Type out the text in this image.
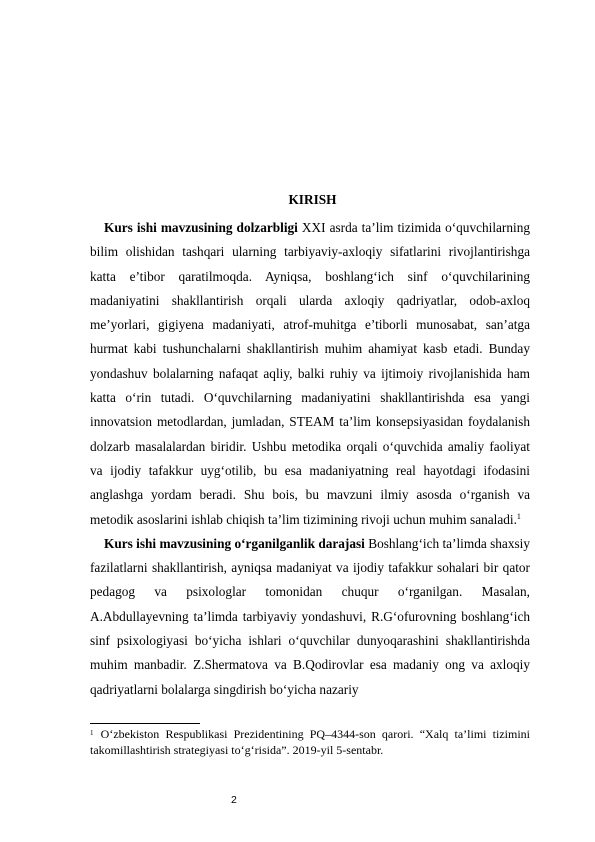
KIRISH

Kurs ishi mavzusining dolzarbligi XXI asrda ta’lim tizimida o‘quvchilarning bilim olishidan tashqari ularning tarbiyaviy-axloqiy sifatlarini rivojlantirishga katta e’tibor qaratilmoqda. Ayniqsa, boshlang‘ich sinf o‘quvchilarining madaniyatini shakllantirish orqali ularda axloqiy qadriyatlar, odob-axloq me’yorlari, gigiyena madaniyati, atrof-muhitga e’tiborli munosabat, san’atga hurmat kabi tushunchalarni shakllantirish muhim ahamiyat kasb etadi. Bunday yondashuv bolalarning nafaqat aqliy, balki ruhiy va ijtimoiy rivojlanishida ham katta o‘rin tutadi. O‘quvchilarning madaniyatini shakllantirishda esa yangi innovatsion metodlardan, jumladan, STEAM ta’lim konsepsiyasidan foydalanish dolzarb masalalardan biridir. Ushbu metodika orqali o‘quvchida amaliy faoliyat va ijodiy tafakkur uyg‘otilib, bu esa madaniyatning real hayotdagi ifodasini anglashga yordam beradi. Shu bois, bu mavzuni ilmiy asosda o‘rganish va metodik asoslarini ishlab chiqish ta’lim tizimining rivoji uchun muhim sanaladi.$^1$

Kurs ishi mavzusining o‘rganilganlik darajasi Boshlang‘ich ta’limda shaxsiy fazilatlarni shakllantirish, ayniqsa madaniyat va ijodiy tafakkur sohalari bir qator pedagog va psixologlar tomonidan chuqur o‘rganilgan. Masalan, A.Abdullayevning ta’limda tarbiyaviy yondashuvi, R.G‘ofurovning boshlang‘ich sinf psixologiyasi bo‘yicha ishlari o‘quvchilar dunyoqarashini shakllantirishda muhim manbadir. Z.Shermatova va B.Qodirovlar esa madaniy ong va axloqiy qadriyatlarni bolalarga singdirish bo‘yicha nazariy

$^1$ O‘zbekiston Respublikasi Prezidentining PQ–4344-son qarori. “Xalq ta’limi tizimini takomillashtirish strategiyasi to‘g‘risida”. 2019-yil 5-sentabr.

2
